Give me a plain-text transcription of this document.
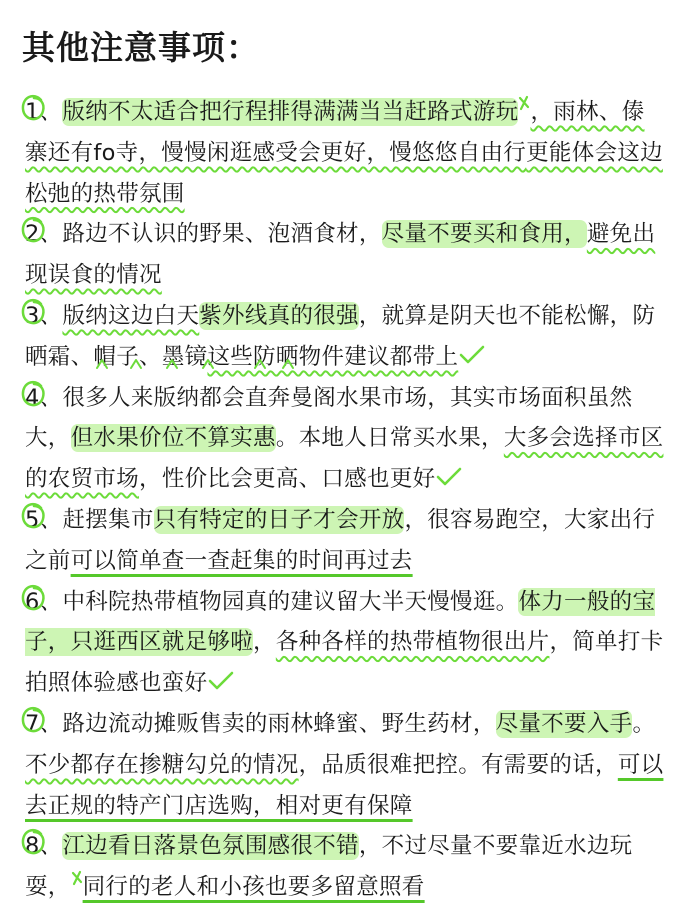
其他注意事项：
1、版纳不太适合把行程排得满满当当赶路式游玩 ，雨林、傣寨还有fo寺，慢慢闲逛感受会更好，慢悠悠自由行更能体会这边松弛的热带氛围
2、路边不认识的野果、泡酒食材，尽量不要买和食用，避免出现误食的情况
3、版纳这边白天紫外线真的很强，就算是阴天也不能松懈，防晒霜、帽子、墨镜这些防晒物件建议都带上
4、很多人来版纳都会直奔曼阁水果市场，其实市场面积虽然大，但水果价位不算实惠。本地人日常买水果，大多会选择市区的农贸市场，性价比会更高、口感也更好
5、赶摆集市只有特定的日子才会开放，很容易跑空，大家出行之前可以简单查一查赶集的时间再过去
6、中科院热带植物园真的建议留大半天慢慢逛。体力一般的宝子，只逛西区就足够啦，各种各样的热带植物很出片，简单打卡拍照体验感也蛮好
7、路边流动摊贩售卖的雨林蜂蜜、野生药材，尽量不要入手。不少都存在掺糖勾兑的情况，品质很难把控。有需要的话，可以去正规的特产门店选购，相对更有保障
8、江边看日落景色氛围感很不错，不过尽量不要靠近水边玩耍， 同行的老人和小孩也要多留意照看
